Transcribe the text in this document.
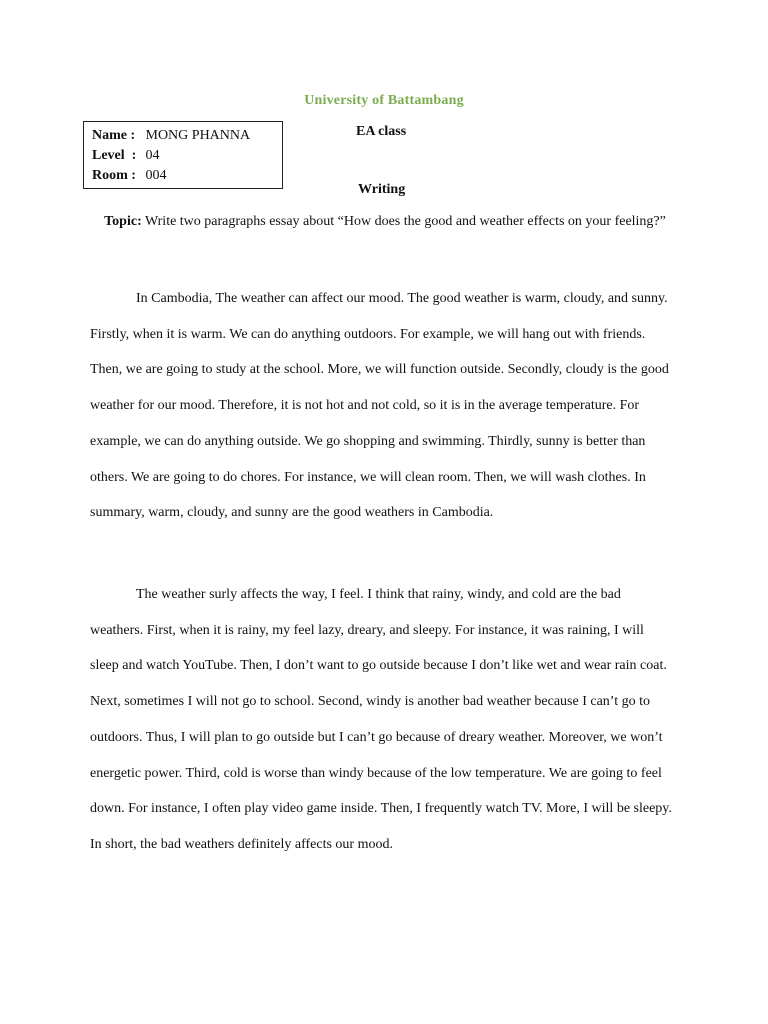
University of Battambang
Name : MONG PHANNA
Level : 04
Room : 004
EA class
Writing
Topic: Write two paragraphs essay about “How does the good and weather effects on your feeling?”

In Cambodia, The weather can affect our mood. The good weather is warm, cloudy, and sunny. Firstly, when it is warm. We can do anything outdoors. For example, we will hang out with friends. Then, we are going to study at the school. More, we will function outside. Secondly, cloudy is the good weather for our mood. Therefore, it is not hot and not cold, so it is in the average temperature. For example, we can do anything outside. We go shopping and swimming. Thirdly, sunny is better than others. We are going to do chores. For instance, we will clean room. Then, we will wash clothes. In summary, warm, cloudy, and sunny are the good weathers in Cambodia.

The weather surly affects the way, I feel. I think that rainy, windy, and cold are the bad weathers. First, when it is rainy, my feel lazy, dreary, and sleepy. For instance, it was raining, I will sleep and watch YouTube. Then, I don’t want to go outside because I don’t like wet and wear rain coat. Next, sometimes I will not go to school. Second, windy is another bad weather because I can’t go to outdoors. Thus, I will plan to go outside but I can’t go because of dreary weather. Moreover, we won’t energetic power. Third, cold is worse than windy because of the low temperature. We are going to feel down. For instance, I often play video game inside. Then, I frequently watch TV. More, I will be sleepy. In short, the bad weathers definitely affects our mood.
